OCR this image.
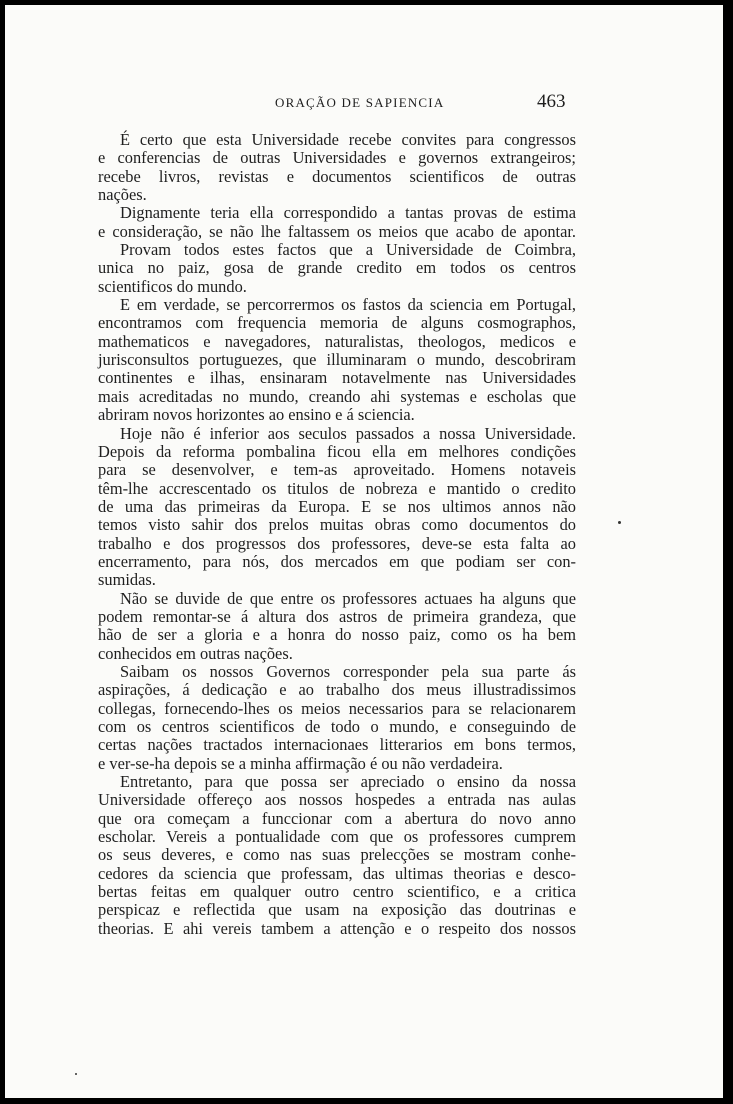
ORAÇÃO DE SAPIENCIA	463
É certo que esta Universidade recebe convites para congressos
e conferencias de outras Universidades e governos extrangeiros;
recebe livros, revistas e documentos scientificos de outras
nações.
Dignamente teria ella correspondido a tantas provas de estima
e consideração, se não lhe faltassem os meios que acabo de apontar.
Provam todos estes factos que a Universidade de Coimbra,
unica no paiz, gosa de grande credito em todos os centros
scientificos do mundo.
E em verdade, se percorrermos os fastos da sciencia em Portugal,
encontramos com frequencia memoria de alguns cosmographos,
mathematicos e navegadores, naturalistas, theologos, medicos e
jurisconsultos portuguezes, que illuminaram o mundo, descobriram
continentes e ilhas, ensinaram notavelmente nas Universidades
mais acreditadas no mundo, creando ahi systemas e escholas que
abriram novos horizontes ao ensino e á sciencia.
Hoje não é inferior aos seculos passados a nossa Universidade.
Depois da reforma pombalina ficou ella em melhores condições
para se desenvolver, e tem-as aproveitado. Homens notaveis
têm-lhe accrescentado os titulos de nobreza e mantido o credito
de uma das primeiras da Europa. E se nos ultimos annos não
temos visto sahir dos prelos muitas obras como documentos do
trabalho e dos progressos dos professores, deve-se esta falta ao
encerramento, para nós, dos mercados em que podiam ser con-
sumidas.
Não se duvide de que entre os professores actuaes ha alguns que
podem remontar-se á altura dos astros de primeira grandeza, que
hão de ser a gloria e a honra do nosso paiz, como os ha bem
conhecidos em outras nações.
Saibam os nossos Governos corresponder pela sua parte ás
aspirações, á dedicação e ao trabalho dos meus illustradissimos
collegas, fornecendo-lhes os meios necessarios para se relacionarem
com os centros scientificos de todo o mundo, e conseguindo de
certas nações tractados internacionaes litterarios em bons termos,
e ver-se-ha depois se a minha affirmação é ou não verdadeira.
Entretanto, para que possa ser apreciado o ensino da nossa
Universidade offereço aos nossos hospedes a entrada nas aulas
que ora começam a funccionar com a abertura do novo anno
escholar. Vereis a pontualidade com que os professores cumprem
os seus deveres, e como nas suas prelecções se mostram conhe-
cedores da sciencia que professam, das ultimas theorias e desco-
bertas feitas em qualquer outro centro scientifico, e a critica
perspicaz e reflectida que usam na exposição das doutrinas e
theorias. E ahi vereis tambem a attenção e o respeito dos nossos
